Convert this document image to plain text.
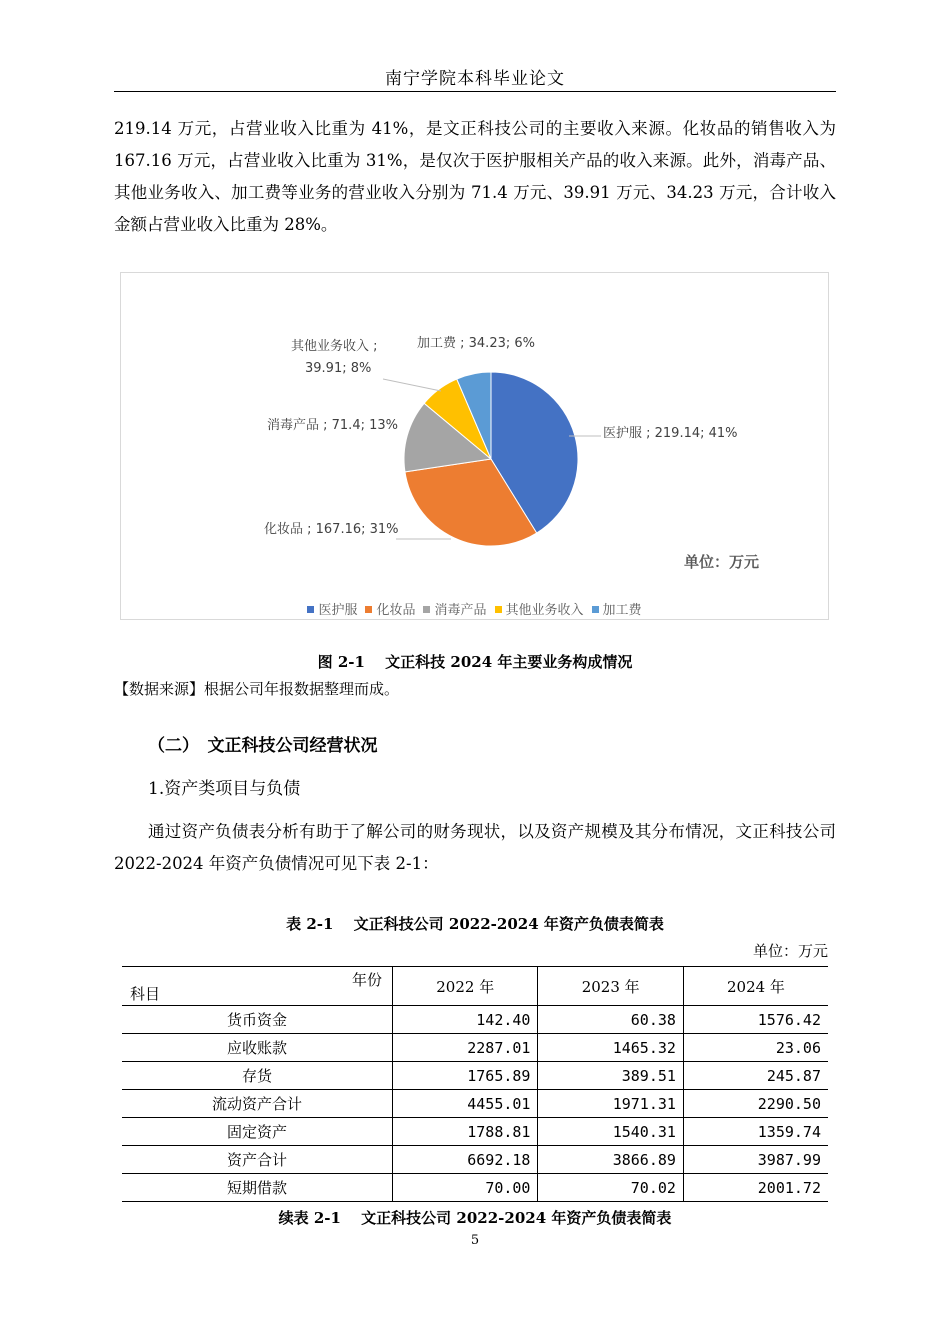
南宁学院本科毕业论文
219.14 万元，占营业收入比重为 41%，是文正科技公司的主要收入来源。化妆品的销售收入为 167.16 万元，占营业收入比重为 31%，是仅次于医护服相关产品的收入来源。此外，消毒产品、其他业务收入、加工费等业务的营业收入分别为 71.4 万元、39.91 万元、34.23 万元，合计收入金额占营业收入比重为 28%。
医护服 ; 219.14; 41%
化妆品 ; 167.16; 31%
消毒产品 ; 71.4; 13%
其他业务收入 ;
39.91; 8%
加工费 ; 34.23; 6%
单位：万元
医护服 化妆品 消毒产品 其他业务收入 加工费
图 2-1　 文正科技 2024 年主要业务构成情况
【数据来源】根据公司年报数据整理而成。
（二）　文正科技公司经营状况
1.资产类项目与负债
通过资产负债表分析有助于了解公司的财务现状，以及资产规模及其分布情况，文正科技公司 2022-2024 年资产负债情况可见下表 2-1：
表 2-1　 文正科技公司 2022-2024 年资产负债表简表
单位：万元
年份
科目	2022 年	2023 年	2024 年
货币资金	142.40	60.38	1576.42
应收账款	2287.01	1465.32	23.06
存货	1765.89	389.51	245.87
流动资产合计	4455.01	1971.31	2290.50
固定资产	1788.81	1540.31	1359.74
资产合计	6692.18	3866.89	3987.99
短期借款	70.00	70.02	2001.72
续表 2-1　 文正科技公司 2022-2024 年资产负债表简表
5
